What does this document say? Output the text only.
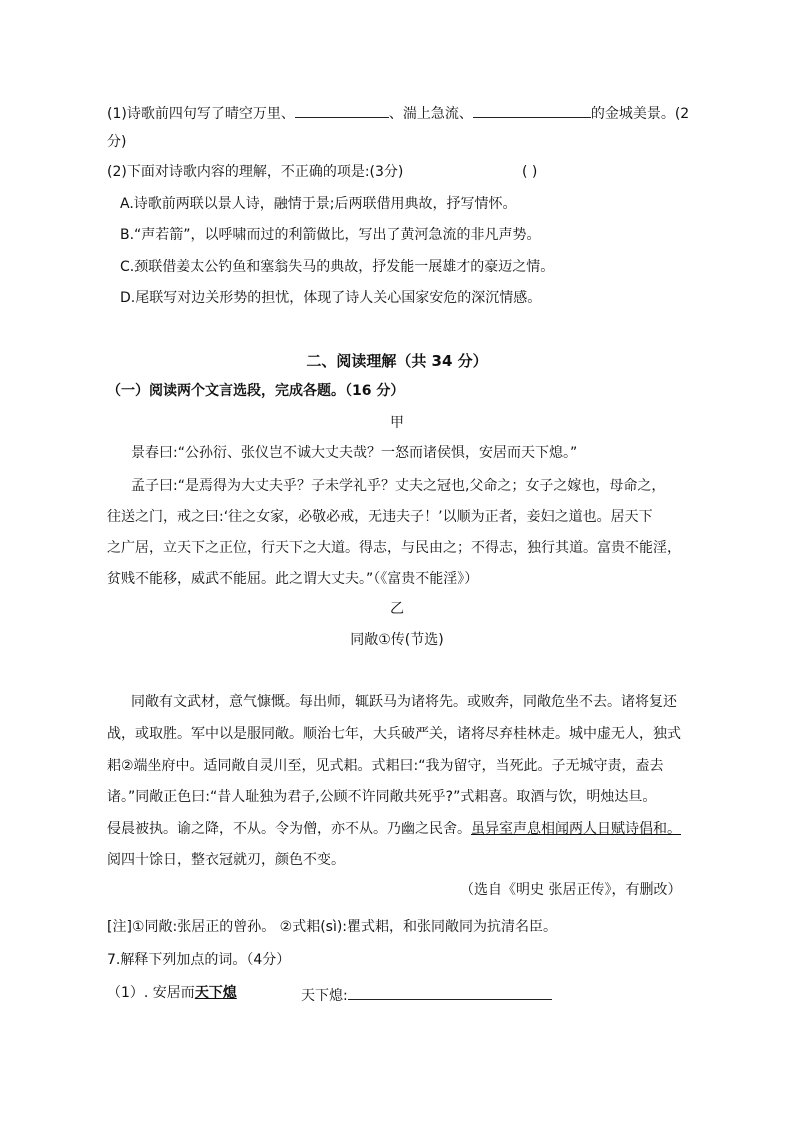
(1)诗歌前四句写了晴空万里、	、湍上急流、	的金城美景。(2
分)
(2)下面对诗歌内容的理解，不正确的项是:(3分)	( )
A.诗歌前两联以景人诗，融情于景;后两联借用典故，抒写情怀。
B.“声若箭”，以呼啸而过的利箭做比，写出了黄河急流的非凡声势。
C.颈联借姜太公钓鱼和塞翁失马的典故，抒发能一展雄才的豪迈之情。
D.尾联写对边关形势的担忧，体现了诗人关心国家安危的深沉情感。
二、阅读理解（共 34 分）
（一）阅读两个文言选段，完成各题。（16 分）
甲
景春曰:“公孙衍、张仪岂不诚大丈夫哉？一怒而诸侯惧，安居而天下熄。”
孟子曰:“是焉得为大丈夫乎？子未学礼乎？丈夫之冠也,父命之；女子之嫁也，母命之，
往送之门，戒之曰:‘往之女家，必敬必戒，无违夫子！’以顺为正者，妾妇之道也。居天下
之广居，立天下之正位，行天下之大道。得志，与民由之；不得志，独行其道。富贵不能淫，
贫贱不能移，威武不能屈。此之谓大丈夫。”（《富贵不能淫》）
乙
同敞①传(节选)
同敞有文武材，意气慷慨。每出师，辄跃马为诸将先。或败奔，同敞危坐不去。诸将复还
战，或取胜。军中以是服同敞。顺治七年，大兵破严关，诸将尽弃桂林走。城中虚无人，独式
耜②端坐府中。适同敞自灵川至，见式耜。式耜曰:“我为留守，当死此。子无城守责，盍去
诸。”同敞正色曰:“昔人耻独为君子,公顾不许同敞共死乎?”式耜喜。取酒与饮，明烛达旦。
侵晨被执。谕之降，不从。令为僧，亦不从。乃幽之民舍。虽异室声息相闻两人日赋诗倡和。
阅四十馀日，整衣冠就刃，颜色不变。
（选自《明史 张居正传》，有删改）
[注]①同敞:张居正的曾孙。 ②式耜(sì):瞿式耜，和张同敞同为抗清名臣。
7.解释下列加点的词。（4分）
（1）. 安居而天下熄	天下熄:
